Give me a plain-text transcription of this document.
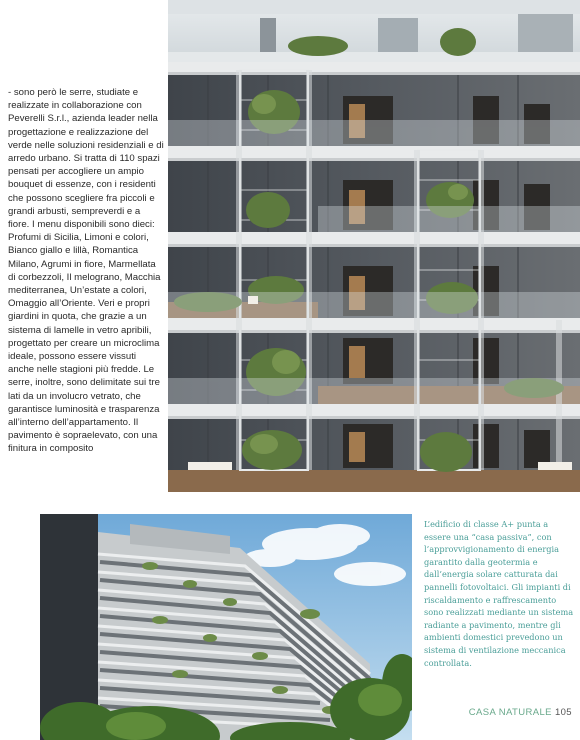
- sono però le serre, studiate e realizzate in collaborazione con Peverelli S.r.l., azienda leader nella progettazione e realizzazione del verde nelle soluzioni residenziali e di arredo urbano. Si tratta di 110 spazi pensati per accogliere un ampio bouquet di essenze, con i residenti che possono scegliere fra piccoli e grandi arbusti, sempreverdi e a fiore. I menu disponibili sono dieci: Profumi di Sicilia, Limoni e colori, Bianco giallo e lillà, Romantica Milano, Agrumi in fiore, Marmellata di corbezzoli, Il melograno, Macchia mediterranea, Un’estate a colori, Omaggio all’Oriente. Veri e propri giardini in quota, che grazie a un sistema di lamelle in vetro apribili, progettato per creare un microclima ideale, possono essere vissuti anche nelle stagioni più fredde. Le serre, inoltre, sono delimitate sui tre lati da un involucro vetrato, che garantisce luminosità e trasparenza all’interno dell’appartamento. Il pavimento è sopraelevato, con una finitura in composito

L’edificio di classe A+ punta a essere una “casa passiva”, con l’approvvigionamento di energia garantito dalla geotermia e dall’energia solare catturata dai pannelli fotovoltaici. Gli impianti di riscaldamento e raffrescamento sono realizzati mediante un sistema radiante a pavimento, mentre gli ambienti domestici prevedono un sistema di ventilazione meccanica controllata.

CASA NATURALE 105
